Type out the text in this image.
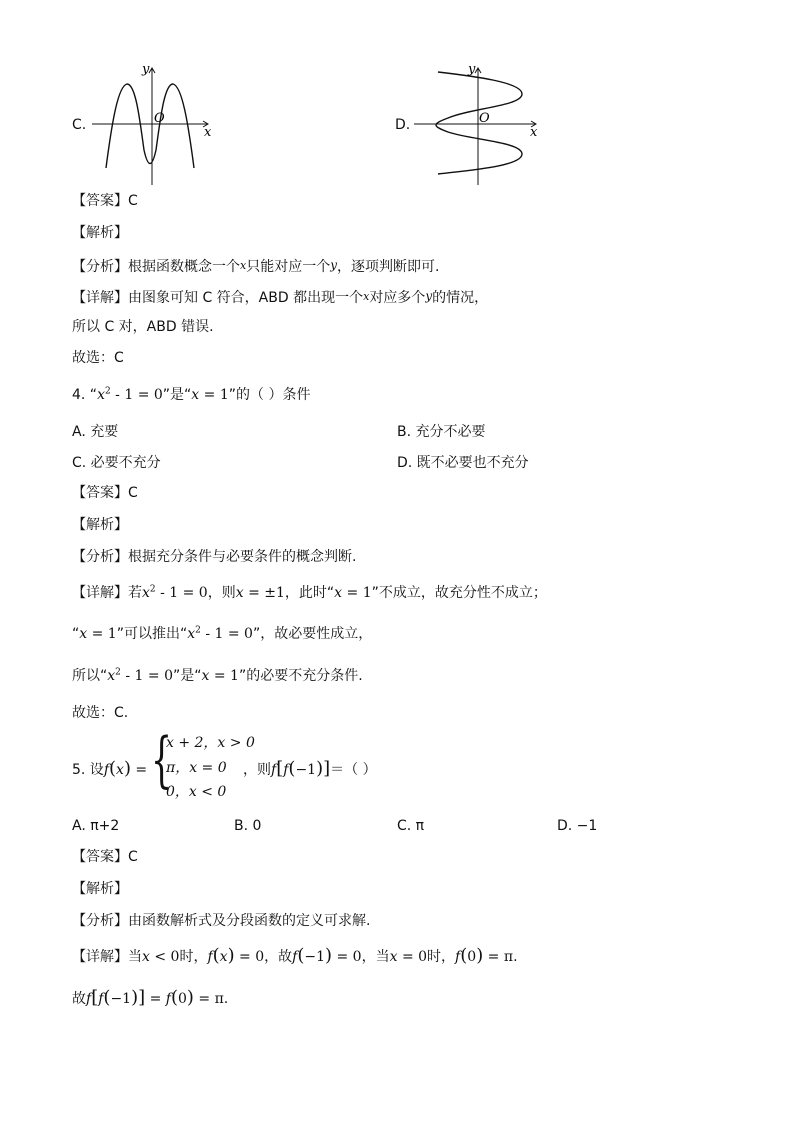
C.
y
x
O	D.
y
x
O
【答案】C
【解析】
【分析】根据函数概念一个x只能对应一个y，逐项判断即可.
【详解】由图象可知 C 符合，ABD 都出现一个x对应多个y的情况，
所以 C 对，ABD 错误.
故选：C
4. “$x^2 - 1 = 0$”是“x = 1”的（ ）条件
A. 充要	B. 充分不必要
C. 必要不充分	D. 既不必要也不充分
【答案】C
【解析】
【分析】根据充分条件与必要条件的概念判断.
【详解】若$x^2 - 1 = 0$，则x = ±1，此时“x = 1”不成立，故充分性不成立；
“x = 1”可以推出“$x^2 - 1 = 0$”，故必要性成立，
所以“$x^2 - 1 = 0$”是“x = 1”的必要不充分条件.
故选：C.
5. 设f(x) = {
x + 2，x > 0
π，x = 0
0，x < 0
，则f[f(−1)]＝（ ）
A. π+2	B. 0	C. π	D. −1
【答案】C
【解析】
【分析】由函数解析式及分段函数的定义可求解.
【详解】当x < 0时，f(x) = 0，故f(−1) = 0，当x = 0时，f(0) = π.
故f[f(−1)] = f(0) = π.
